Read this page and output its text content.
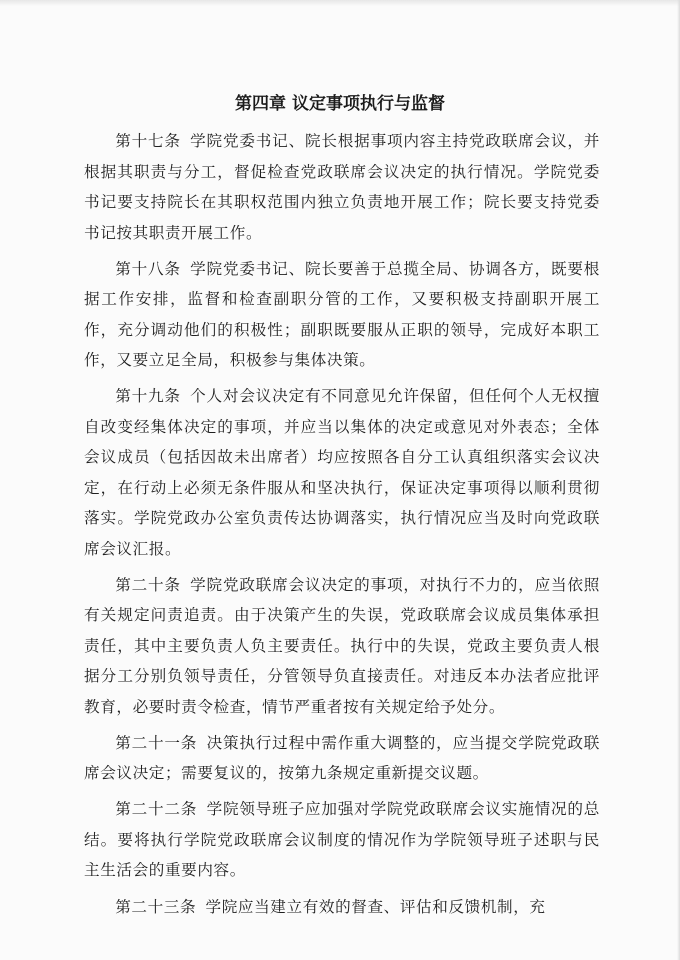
第四章 议定事项执行与监督

第十七条 学院党委书记、院长根据事项内容主持党政联席会议，并根据其职责与分工，督促检查党政联席会议决定的执行情况。学院党委书记要支持院长在其职权范围内独立负责地开展工作；院长要支持党委书记按其职责开展工作。

第十八条 学院党委书记、院长要善于总揽全局、协调各方，既要根据工作安排，监督和检查副职分管的工作，又要积极支持副职开展工作，充分调动他们的积极性；副职既要服从正职的领导，完成好本职工作，又要立足全局，积极参与集体决策。

第十九条 个人对会议决定有不同意见允许保留，但任何个人无权擅自改变经集体决定的事项，并应当以集体的决定或意见对外表态；全体会议成员（包括因故未出席者）均应按照各自分工认真组织落实会议决定，在行动上必须无条件服从和坚决执行，保证决定事项得以顺利贯彻落实。学院党政办公室负责传达协调落实，执行情况应当及时向党政联席会议汇报。

第二十条 学院党政联席会议决定的事项，对执行不力的，应当依照有关规定问责追责。由于决策产生的失误，党政联席会议成员集体承担责任，其中主要负责人负主要责任。执行中的失误，党政主要负责人根据分工分别负领导责任，分管领导负直接责任。对违反本办法者应批评教育，必要时责令检查，情节严重者按有关规定给予处分。

第二十一条 决策执行过程中需作重大调整的，应当提交学院党政联席会议决定；需要复议的，按第九条规定重新提交议题。

第二十二条 学院领导班子应加强对学院党政联席会议实施情况的总结。要将执行学院党政联席会议制度的情况作为学院领导班子述职与民主生活会的重要内容。

第二十三条 学院应当建立有效的督查、评估和反馈机制，充
